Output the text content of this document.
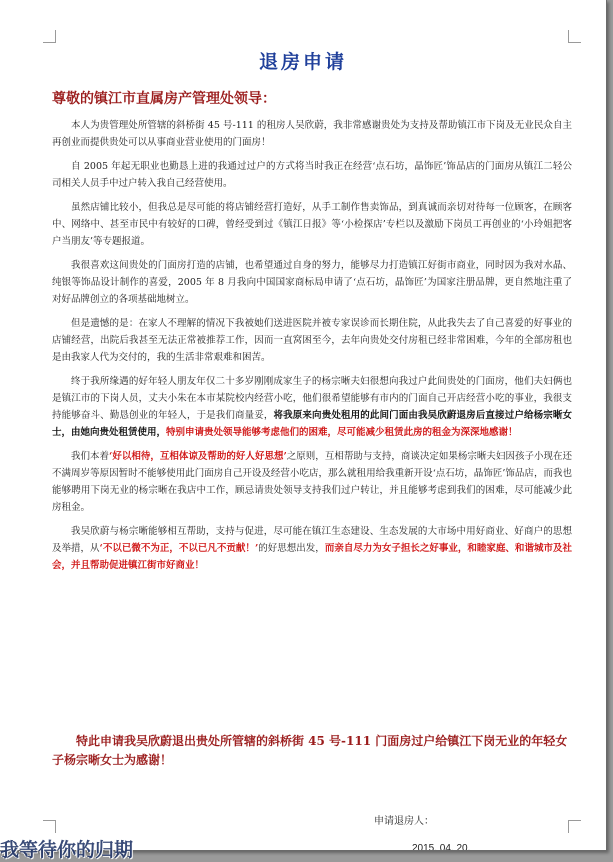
退房申请
尊敬的镇江市直属房产管理处领导：

本人为贵管理处所管辖的斜桥街 45 号-111 的租房人吴欣蔚，我非常感谢贵处为支持及帮助镇江市下岗及无业民众自主再创业而提供贵处可以从事商业营业使用的门面房！

自 2005 年起无职业也勤恳上进的我通过过户的方式将当时我正在经营‘点石坊，晶饰匠’饰品店的门面房从镇江二轻公司相关人员手中过户转入我自己经营使用。

虽然店铺比较小，但我总是尽可能的将店铺经营打造好，从手工制作售卖饰品，到真诚而亲切对待每一位顾客，在顾客中、网络中、甚至市民中有较好的口碑，曾经受到过《镇江日报》等‘小检探店’专栏以及激励下岗员工再创业的‘小玲姐把客户当朋友’等专题报道。

我很喜欢这间贵处的门面房打造的店铺，也希望通过自身的努力，能够尽力打造镇江好街市商业，同时因为我对水晶、纯银等饰品设计制作的喜爱，2005 年 8 月我向中国国家商标局申请了‘点石坊，晶饰匠’为国家注册品牌，更自然地注重了对好品牌创立的各项基础地树立。

但是遗憾的是：在家人不理解的情况下我被她们送进医院并被专家误诊而长期住院，从此我失去了自己喜爱的好事业的店铺经营，出院后我甚至无法正常被推荐工作，因而一直窝困至今，去年向贵处交付房租已经非常困难，今年的全部房租也是由我家人代为交付的，我的生活非常艰难和困苦。

终于我所缘遇的好年轻人朋友年仅二十多岁刚刚成家生子的杨宗晰夫妇很想向我过户此间贵处的门面房，他们夫妇俩也是镇江市的下岗人员，丈夫小朱在本市某院校内经营小吃，他们很希望能够有市内的门面自己开店经营小吃的事业，我很支持能够奋斗、勤恳创业的年轻人，于是我们商量妥，将我原来向贵处租用的此间门面由我吴欣蔚退房后直接过户给杨宗晰女士，由她向贵处租赁使用，特别申请贵处领导能够考虑他们的困难，尽可能减少租赁此房的租金为深深地感谢！

我们本着‘好以相待，互相体谅及帮助的好人好思想’之原则，互相帮助与支持，商谈决定如果杨宗晰夫妇因孩子小现在还不满周岁等原因暂时不能够使用此门面房自己开设及经营小吃店，那么就租用给我重新开设‘点石坊，晶饰匠’饰品店，而我也能够聘用下岗无业的杨宗晰在我店中工作，顾忌请贵处领导支持我们过户转让，并且能够考虑到我们的困难，尽可能减少此房租金。

我吴欣蔚与杨宗晰能够相互帮助，支持与促进，尽可能在镇江生态建设、生态发展的大市场中用好商业、好商户的思想及举措，从‘不以已微不为正，不以已凡不贡献！’的好思想出发，而亲自尽力为女子担长之好事业，和睦家庭、和谐城市及社会，并且帮助促进镇江街市好商业！

特此申请我吴欣蔚退出贵处所管辖的斜桥街 45 号-111 门面房过户给镇江下岗无业的年轻女子杨宗晰女士为感谢！

申请退房人：
2015. 04. 20.
我等待你的归期
